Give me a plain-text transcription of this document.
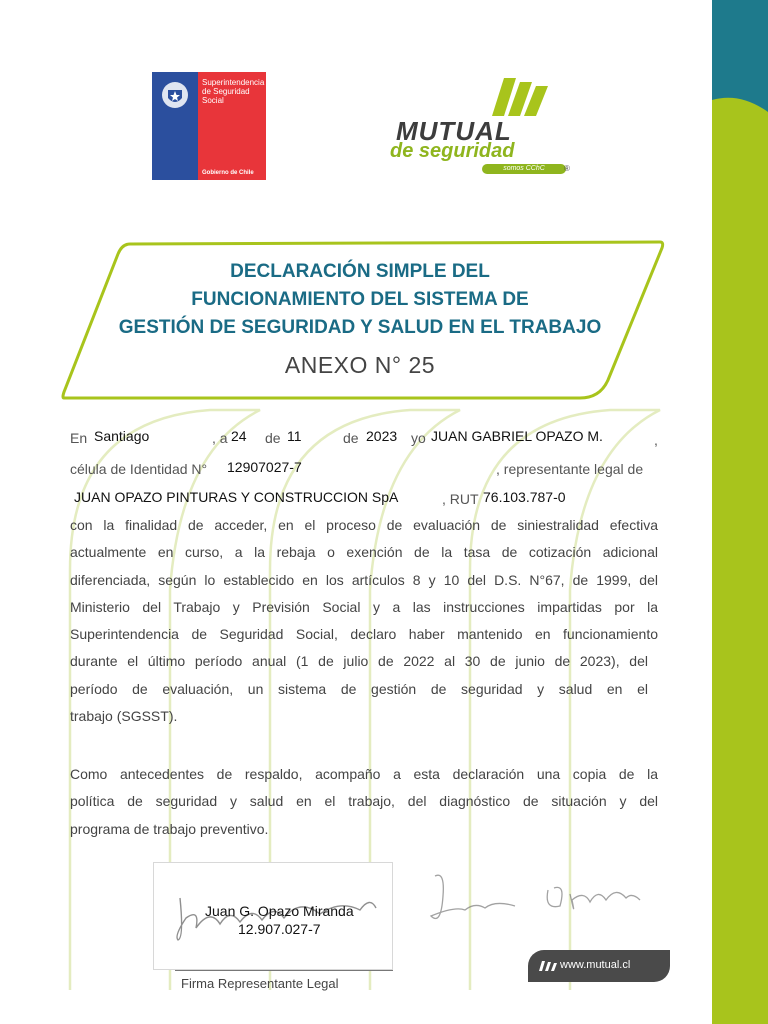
Superintendencia de Seguridad Social
Gobierno de Chile
MUTUAL
de seguridad
somos CChC	®
DECLARACIÓN SIMPLE DEL
FUNCIONAMIENTO DEL SISTEMA DE
GESTIÓN DE SEGURIDAD Y SALUD EN EL TRABAJO
ANEXO N° 25
En Santiago	, a 24 de 11	de 2023 yo JUAN GABRIEL OPAZO M.	,
célula de Identidad N° 12907027-7	, representante legal de
JUAN OPAZO PINTURAS Y CONSTRUCCION SpA	, RUT 76.103.787-0
con la finalidad de acceder, en el proceso de evaluación de siniestralidad efectiva
actualmente en curso, a la rebaja o exención de la tasa de cotización adicional
diferenciada, según lo establecido en los artículos 8 y 10 del D.S. N°67, de 1999, del
Ministerio del Trabajo y Previsión Social y a las instrucciones impartidas por la
Superintendencia de Seguridad Social, declaro haber mantenido en funcionamiento
durante el último período anual (1 de julio de 2022 al 30 de junio de 2023), del
período de evaluación, un sistema de gestión de seguridad y salud en el
trabajo (SGSST).
Como antecedentes de respaldo, acompaño a esta declaración una copia de la
política de seguridad y salud en el trabajo, del diagnóstico de situación y del
programa de trabajo preventivo.
Juan G. Opazo Miranda
12.907.027-7
Firma Representante Legal
www.mutual.cl
